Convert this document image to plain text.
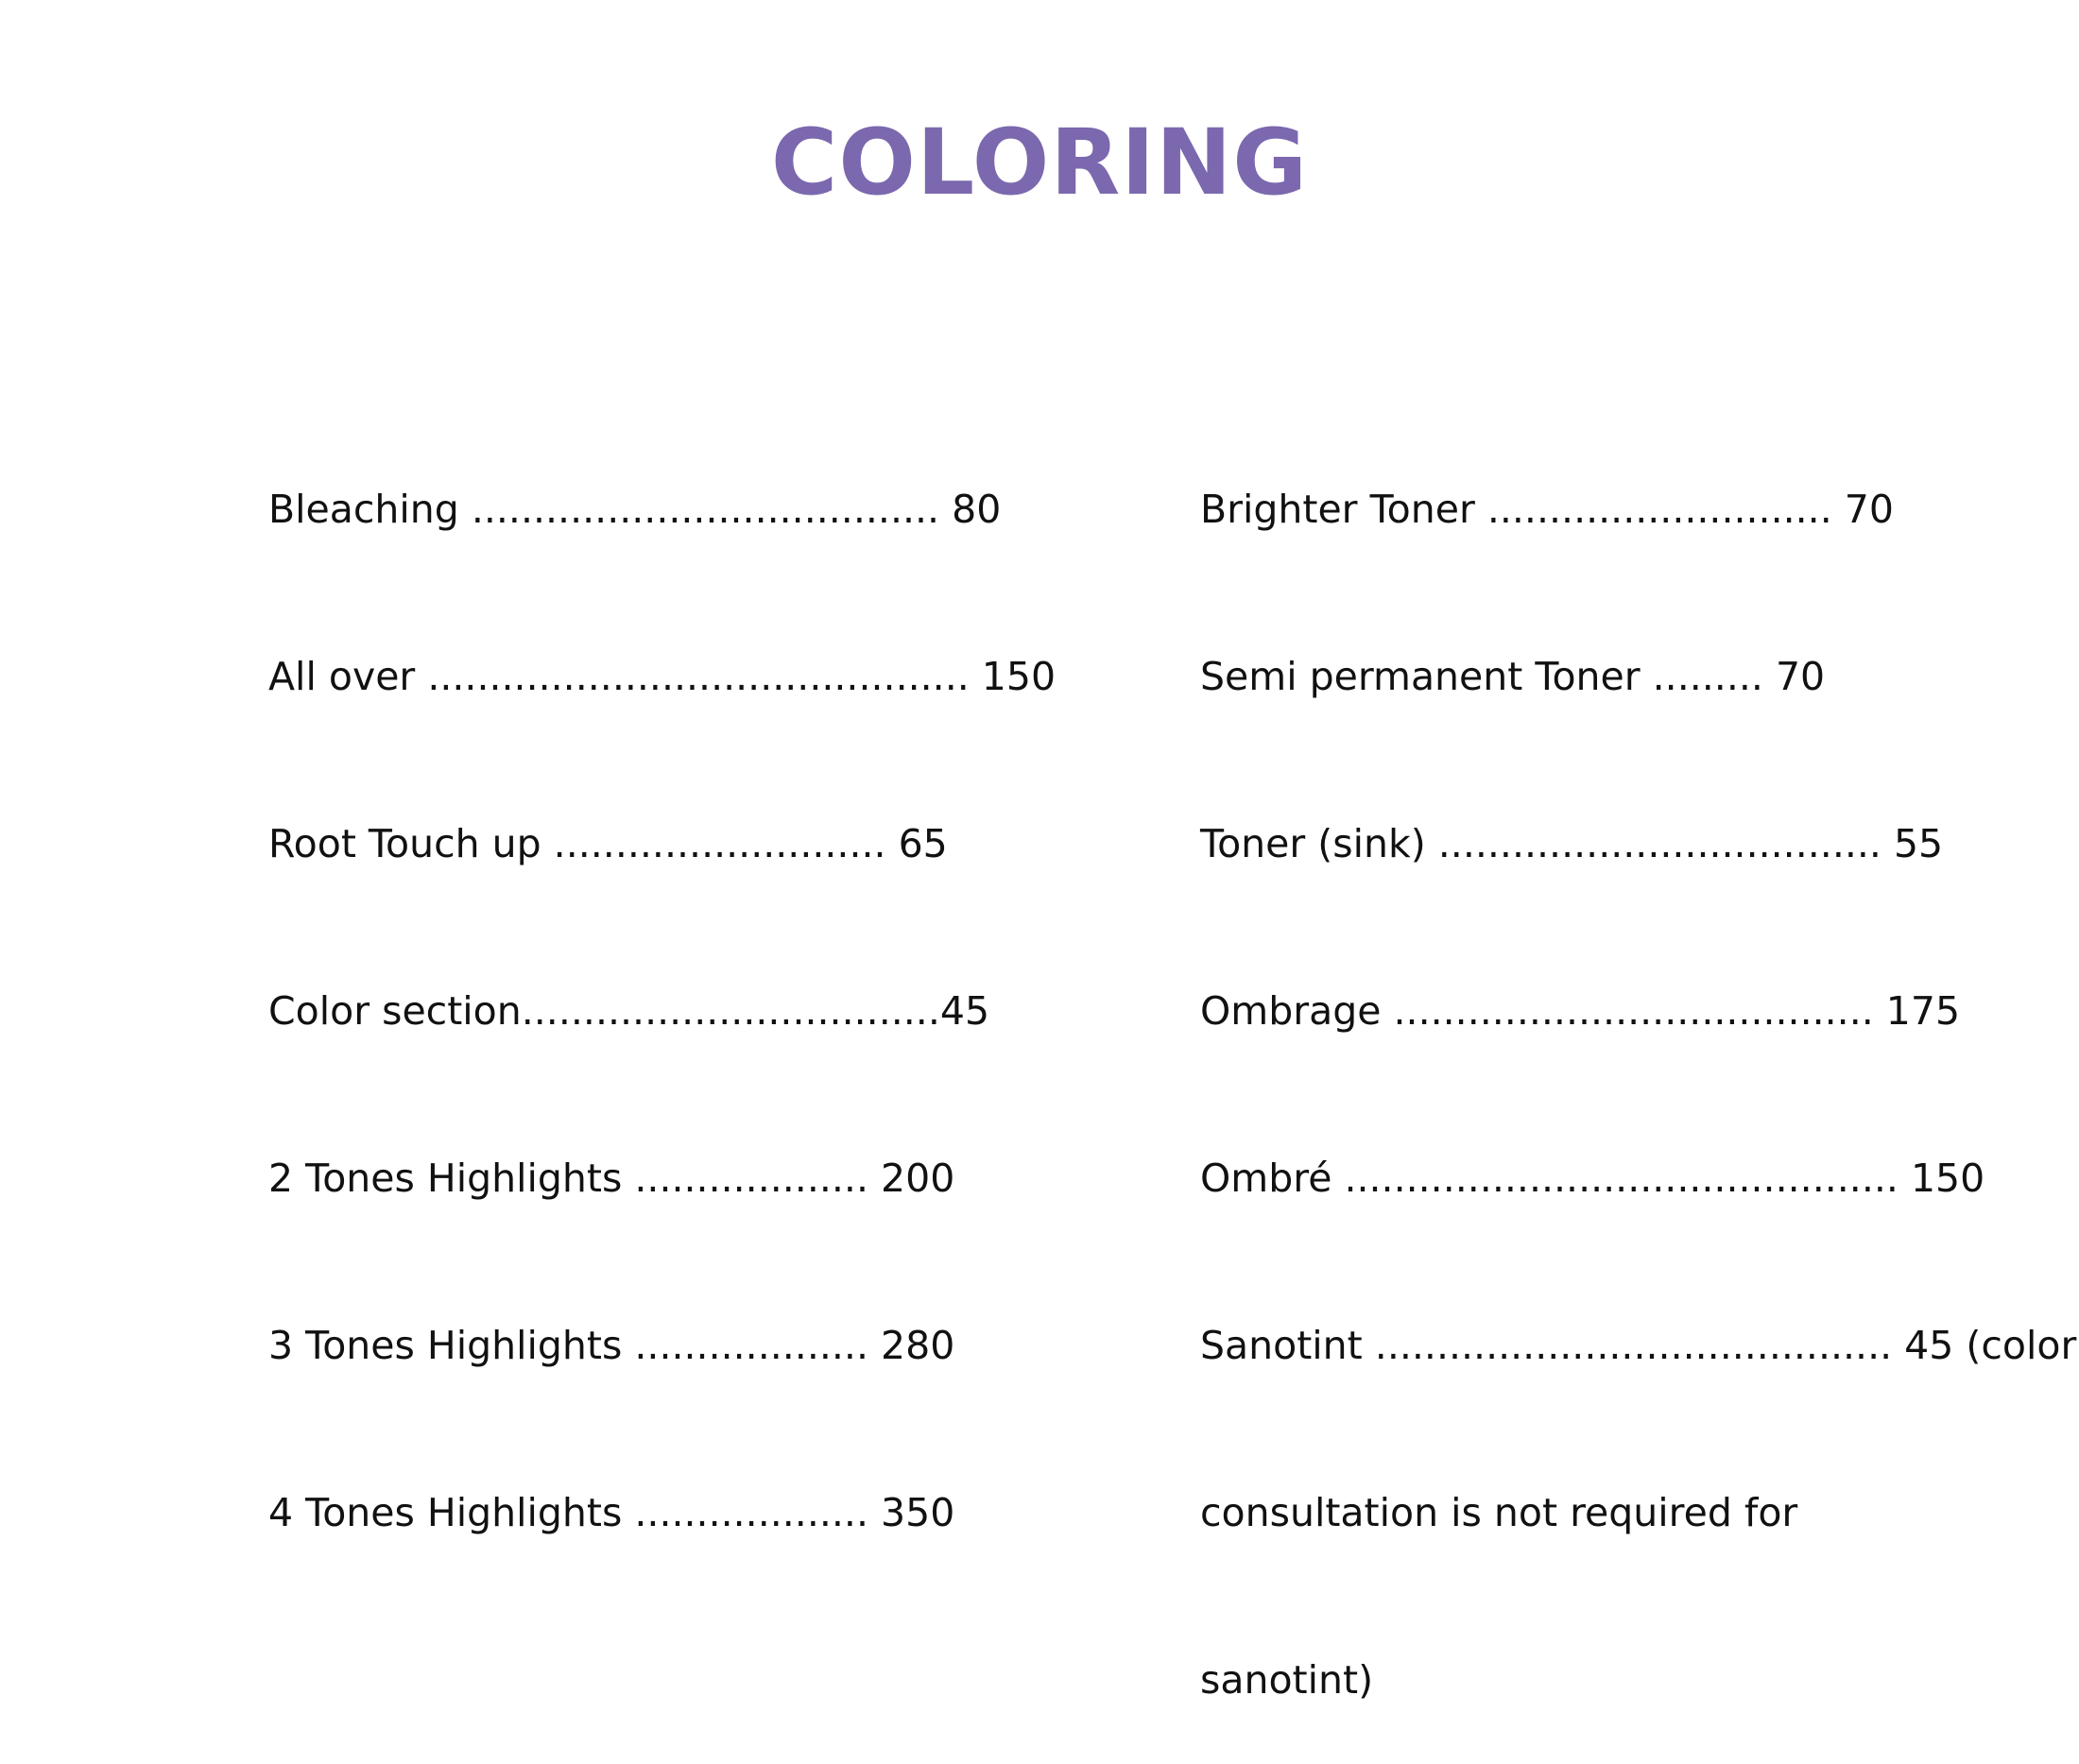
COLORING

Bleaching ...................................... 80

All over ............................................ 150

Root Touch up ........................... 65

Color section..................................45

2 Tones Highlights ................... 200

3 Tones Highlights ................... 280

4 Tones Highlights ................... 350

Brighter Toner ............................ 70

Semi permanent Toner ......... 70

Toner (sink) .................................... 55

Ombrage ....................................... 175

Ombré ............................................. 150

Sanotint .......................................... 45 (color

consultation is not required for

sanotint)
